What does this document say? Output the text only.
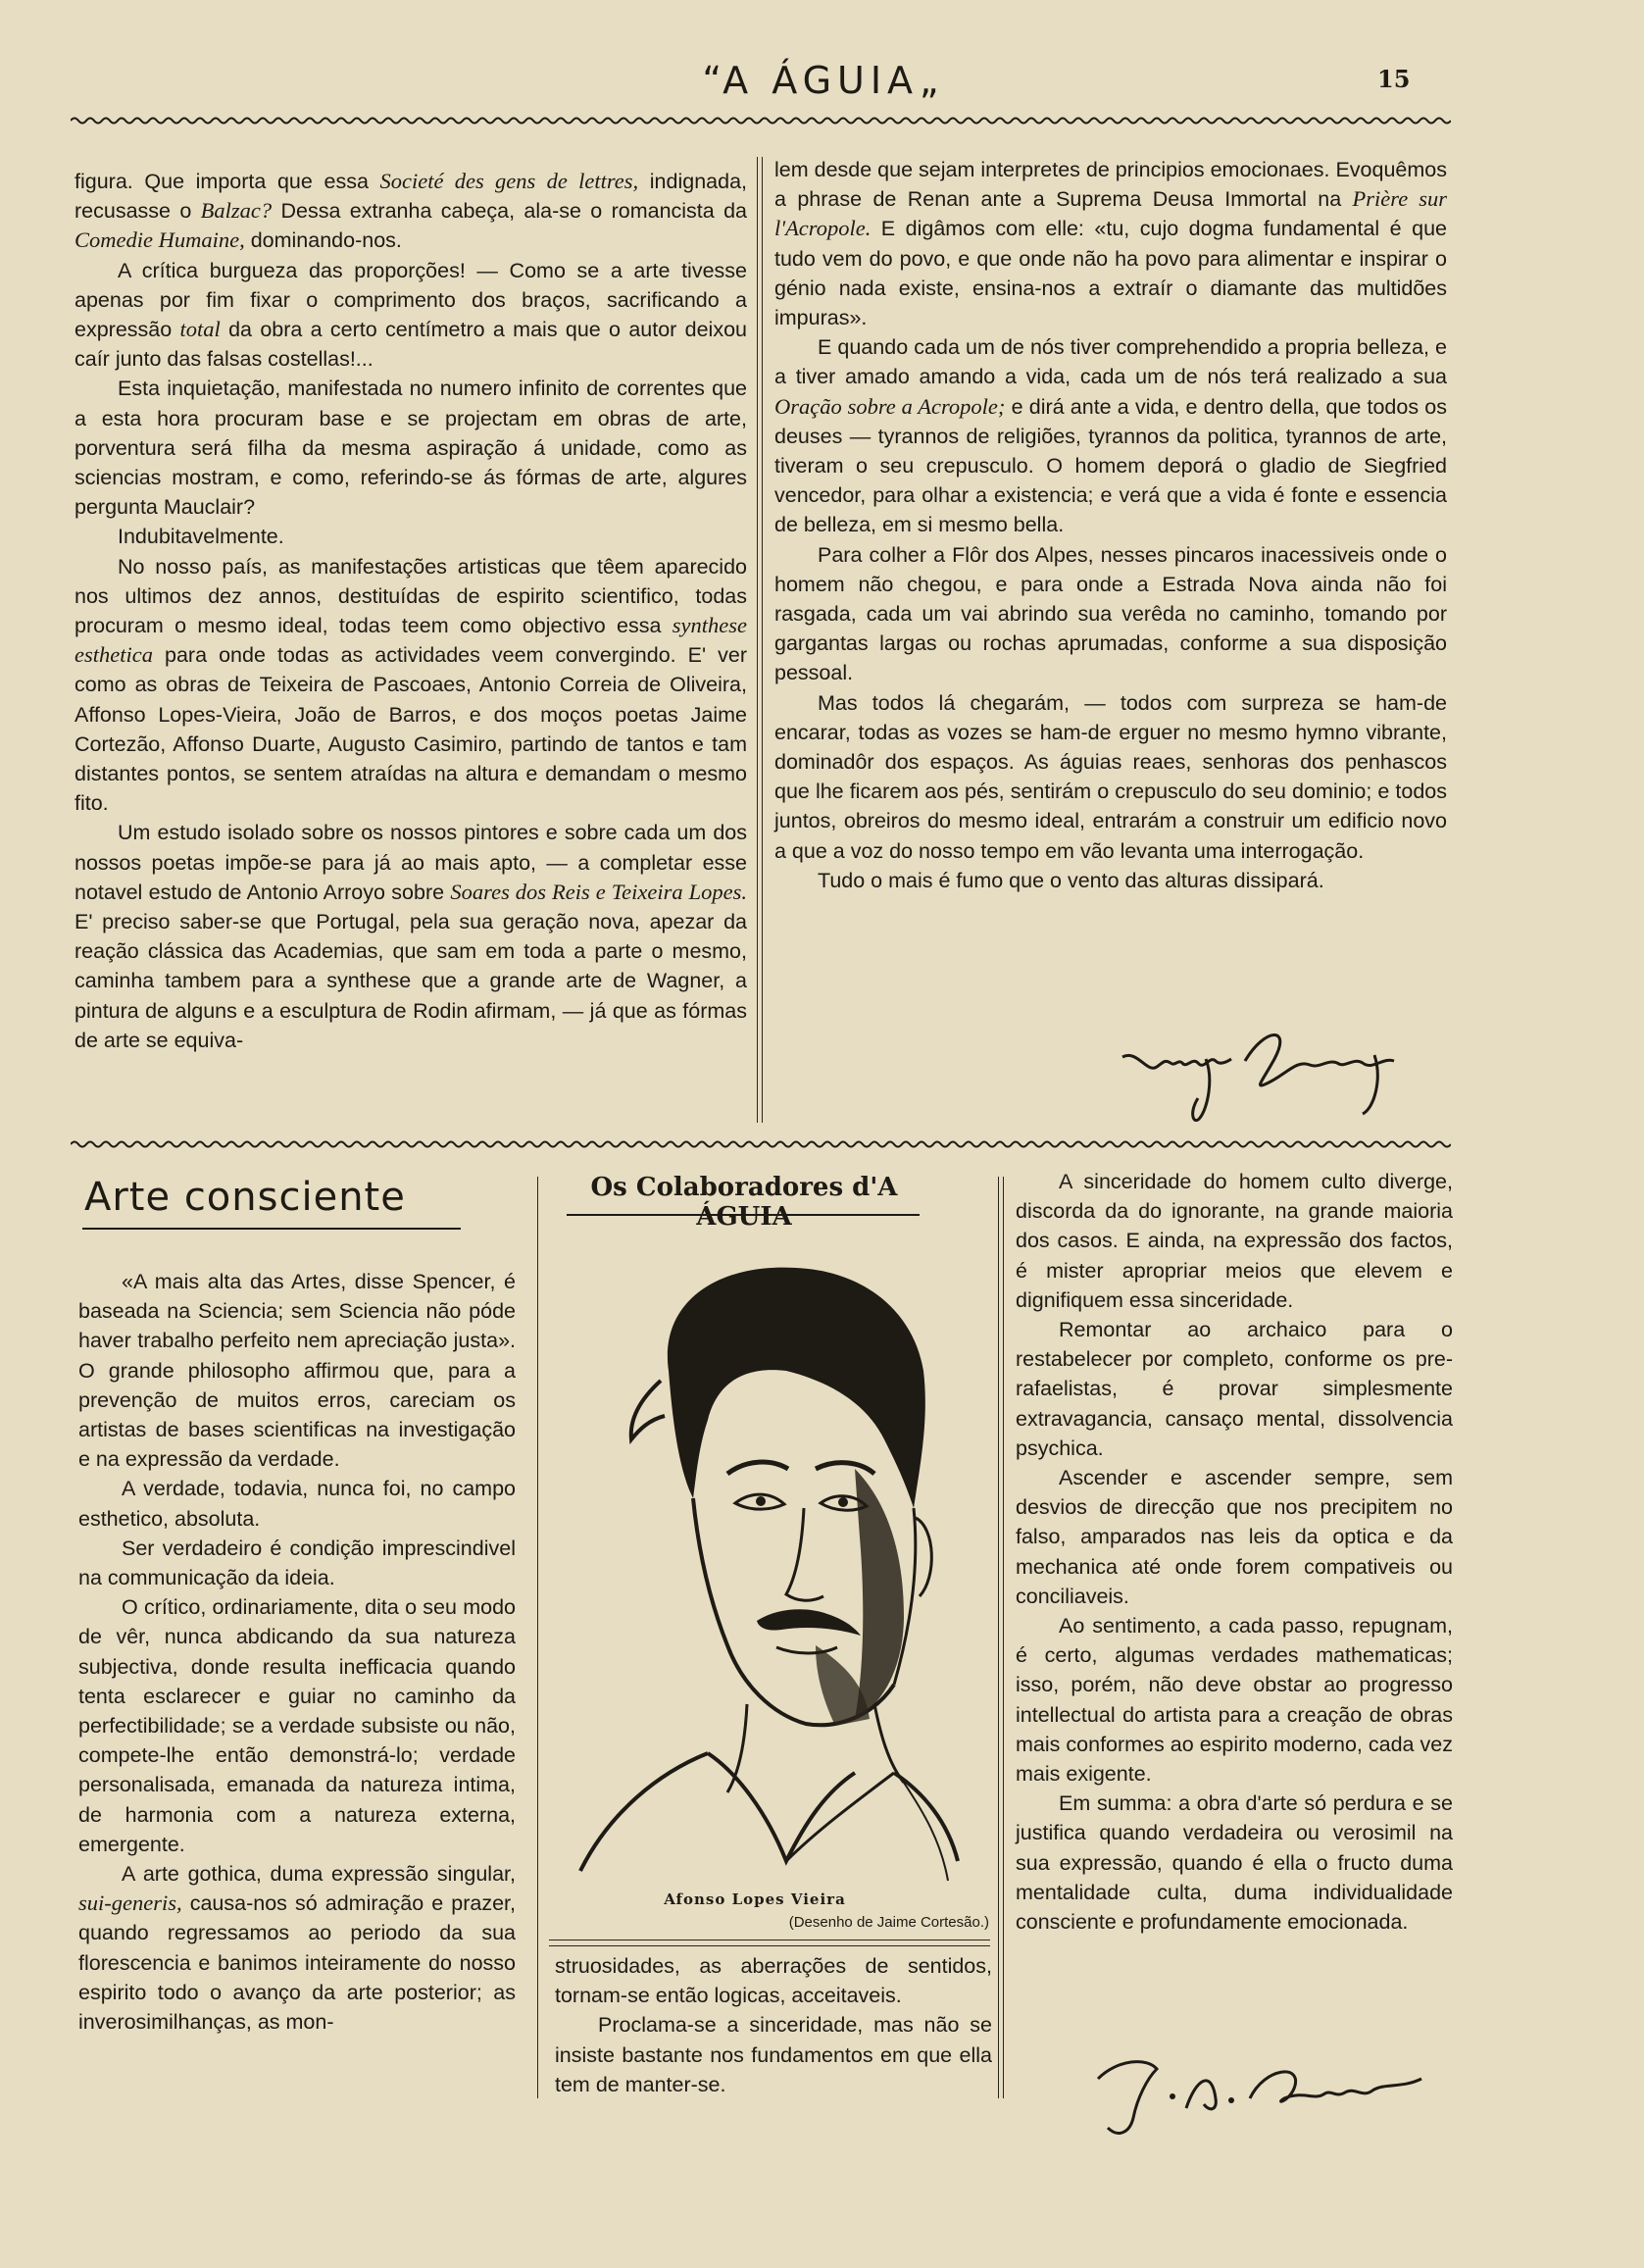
“A ÁGUIA„	15

figura. Que importa que essa Societé des gens de lettres, indignada, recusasse o Balzac? Dessa extranha cabeça, ala-se o romancista da Comedie Humaine, dominando-nos.

A crítica burgueza das proporções! — Como se a arte tivesse apenas por fim fixar o comprimento dos braços, sacrificando a expressão total da obra a certo centímetro a mais que o autor deixou caír junto das falsas costellas!...

Esta inquietação, manifestada no numero infinito de correntes que a esta hora procuram base e se projectam em obras de arte, porventura será filha da mesma aspiração á unidade, como as sciencias mostram, e como, referindo-se ás fórmas de arte, algures pergunta Mauclair?

Indubitavelmente.

No nosso país, as manifestações artisticas que têem aparecido nos ultimos dez annos, destituídas de espirito scientifico, todas procuram o mesmo ideal, todas teem como objectivo essa synthese esthetica para onde todas as actividades veem convergindo. E' ver como as obras de Teixeira de Pascoaes, Antonio Correia de Oliveira, Affonso Lopes-Vieira, João de Barros, e dos moços poetas Jaime Cortezão, Affonso Duarte, Augusto Casimiro, partindo de tantos e tam distantes pontos, se sentem atraídas na altura e demandam o mesmo fito.

Um estudo isolado sobre os nossos pintores e sobre cada um dos nossos poetas impõe-se para já ao mais apto, — a completar esse notavel estudo de Antonio Arroyo sobre Soares dos Reis e Teixeira Lopes. E' preciso saber-se que Portugal, pela sua geração nova, apezar da reação clássica das Academias, que sam em toda a parte o mesmo, caminha tambem para a synthese que a grande arte de Wagner, a pintura de alguns e a esculptura de Rodin afirmam, — já que as fórmas de arte se equiva-

lem desde que sejam interpretes de principios emocionaes. Evoquêmos a phrase de Renan ante a Suprema Deusa Immortal na Prière sur l'Acropole. E digâmos com elle: «tu, cujo dogma fundamental é que tudo vem do povo, e que onde não ha povo para alimentar e inspirar o génio nada existe, ensina-nos a extraír o diamante das multidões impuras».

E quando cada um de nós tiver comprehendido a propria belleza, e a tiver amado amando a vida, cada um de nós terá realizado a sua Oração sobre a Acropole; e dirá ante a vida, e dentro della, que todos os deuses — tyrannos de religiões, tyrannos da politica, tyrannos de arte, tiveram o seu crepusculo. O homem deporá o gladio de Siegfried vencedor, para olhar a existencia; e verá que a vida é fonte e essencia de belleza, em si mesmo bella.

Para colher a Flôr dos Alpes, nesses pincaros inacessiveis onde o homem não chegou, e para onde a Estrada Nova ainda não foi rasgada, cada um vai abrindo sua verêda no caminho, tomando por gargantas largas ou rochas aprumadas, conforme a sua disposição pessoal.

Mas todos lá chegarám, — todos com surpreza se ham-de encarar, todas as vozes se ham-de erguer no mesmo hymno vibrante, dominadôr dos espaços. As águias reaes, senhoras dos penhascos que lhe ficarem aos pés, sentirám o crepusculo do seu dominio; e todos juntos, obreiros do mesmo ideal, entrarám a construir um edificio novo a que a voz do nosso tempo em vão levanta uma interrogação.

Tudo o mais é fumo que o vento das alturas dissipará.

Arte consciente

«A mais alta das Artes, disse Spencer, é baseada na Sciencia; sem Sciencia não póde haver trabalho perfeito nem apreciação justa». O grande philosopho affirmou que, para a prevenção de muitos erros, careciam os artistas de bases scientificas na investigação e na expressão da verdade.

A verdade, todavia, nunca foi, no campo esthetico, absoluta.

Ser verdadeiro é condição imprescindivel na communicação da ideia.

O crítico, ordinariamente, dita o seu modo de vêr, nunca abdicando da sua natureza subjectiva, donde resulta inefficacia quando tenta esclarecer e guiar no caminho da perfectibilidade; se a verdade subsiste ou não, compete-lhe então demonstrá-lo; verdade personalisada, emanada da natureza intima, de harmonia com a natureza externa, emergente.

A arte gothica, duma expressão singular, sui-generis, causa-nos só admiração e prazer, quando regressamos ao periodo da sua florescencia e banimos inteiramente do nosso espirito todo o avanço da arte posterior; as inverosimilhanças, as mon-

Os Colaboradores d'A ÁGUIA
Afonso Lopes Vieira
(Desenho de Jaime Cortesão.)

struosidades, as aberrações de sentidos, tornam-se então logicas, acceitaveis.

Proclama-se a sinceridade, mas não se insiste bastante nos fundamentos em que ella tem de manter-se.

A sinceridade do homem culto diverge, discorda da do ignorante, na grande maioria dos casos. E ainda, na expressão dos factos, é mister apropriar meios que elevem e dignifiquem essa sinceridade.

Remontar ao archaico para o restabelecer por completo, conforme os pre-rafaelistas, é provar simplesmente extravagancia, cansaço mental, dissolvencia psychica.

Ascender e ascender sempre, sem desvios de direcção que nos precipitem no falso, amparados nas leis da optica e da mechanica até onde forem compativeis ou conciliaveis.

Ao sentimento, a cada passo, repugnam, é certo, algumas verdades mathematicas; isso, porém, não deve obstar ao progresso intellectual do artista para a creação de obras mais conformes ao espirito moderno, cada vez mais exigente.

Em summa: a obra d'arte só perdura e se justifica quando verdadeira ou verosimil na sua expressão, quando é ella o fructo duma mentalidade culta, duma individualidade consciente e profundamente emocionada.
